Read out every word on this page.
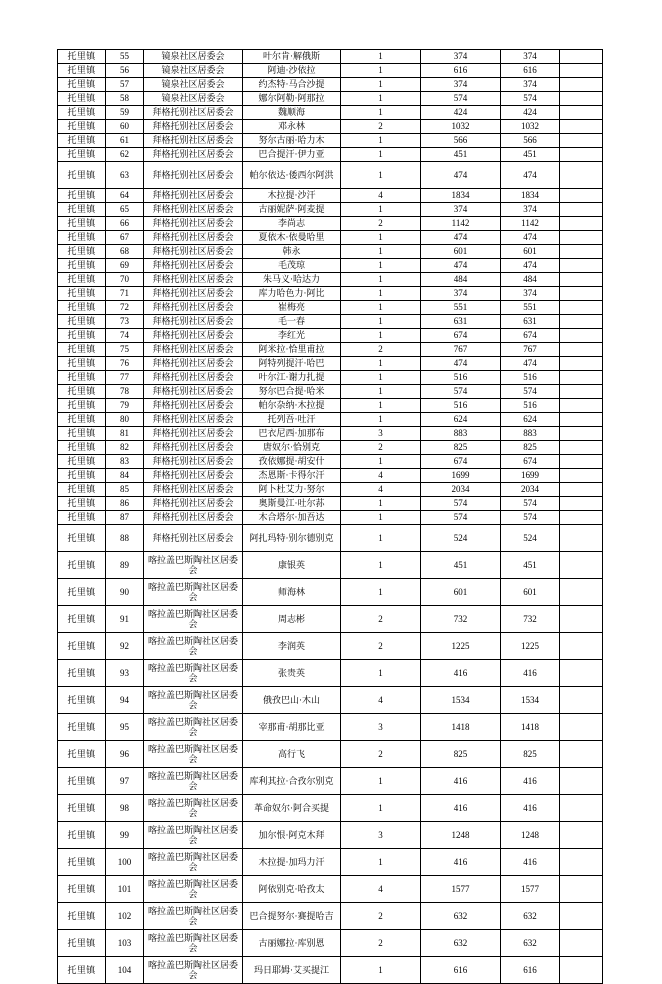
托里镇	55	镜泉社区居委会	叶尔肯·解俄斯	1	374	374	
托里镇	56	镜泉社区居委会	阿迪·沙依拉	1	616	616	
托里镇	57	镜泉社区居委会	约杰特·马合沙提	1	374	374	
托里镇	58	镜泉社区居委会	娜尔阿勒·阿那拉	1	574	574	
托里镇	59	拜格托别社区居委会	魏顺海	1	424	424	
托里镇	60	拜格托别社区居委会	邓永林	2	1032	1032	
托里镇	61	拜格托别社区居委会	努尔古丽·哈力木	1	566	566	
托里镇	62	拜格托别社区居委会	巴合提汗·伊力亚	1	451	451	
托里镇	63	拜格托别社区居委会	帕尔依达·倭西尔阿洪	1	474	474	
托里镇	64	拜格托别社区居委会	木拉提·沙汗	4	1834	1834	
托里镇	65	拜格托别社区居委会	古丽妮萨·阿麦提	1	374	374	
托里镇	66	拜格托别社区居委会	李尚志	2	1142	1142	
托里镇	67	拜格托别社区居委会	夏依木·依曼哈里	1	474	474	
托里镇	68	拜格托别社区居委会	韩永	1	601	601	
托里镇	69	拜格托别社区居委会	毛茂琼	1	474	474	
托里镇	70	拜格托别社区居委会	朱马义·哈达力	1	484	484	
托里镇	71	拜格托别社区居委会	库力哈色力·阿比	1	374	374	
托里镇	72	拜格托别社区居委会	崔梅亮	1	551	551	
托里镇	73	拜格托别社区居委会	毛一春	1	631	631	
托里镇	74	拜格托别社区居委会	李红光	1	674	674	
托里镇	75	拜格托别社区居委会	阿米拉·恰里甫拉	2	767	767	
托里镇	76	拜格托别社区居委会	阿特列提汗·哈巴	1	474	474	
托里镇	77	拜格托别社区居委会	叶尔江·谢力扎提	1	516	516	
托里镇	78	拜格托别社区居委会	努尔巴合提·哈米	1	574	574	
托里镇	79	拜格托别社区居委会	帕尔杂纳·木拉提	1	516	516	
托里镇	80	拜格托别社区居委会	托列吾·吐汗	1	624	624	
托里镇	81	拜格托别社区居委会	巴衣尼西·加那布	3	883	883	
托里镇	82	拜格托别社区居委会	唐奴尔·恰别克	2	825	825	
托里镇	83	拜格托别社区居委会	孜依娜提·胡安什	1	674	674	
托里镇	84	拜格托别社区居委会	杰恩斯·卡得尔汗	4	1699	1699	
托里镇	85	拜格托别社区居委会	阿卜杜艾力·努尔	4	2034	2034	
托里镇	86	拜格托别社区居委会	奥斯曼江·吐尔荪	1	574	574	
托里镇	87	拜格托别社区居委会	木合塔尔·加吾达	1	574	574	
托里镇	88	拜格托别社区居委会	阿扎玛特·别尔德别克	1	524	524	
托里镇	89	喀拉盖巴斯陶社区居委会	康银英	1	451	451	
托里镇	90	喀拉盖巴斯陶社区居委会	师海林	1	601	601	
托里镇	91	喀拉盖巴斯陶社区居委会	周志彬	2	732	732	
托里镇	92	喀拉盖巴斯陶社区居委会	李润英	2	1225	1225	
托里镇	93	喀拉盖巴斯陶社区居委会	张贵英	1	416	416	
托里镇	94	喀拉盖巴斯陶社区居委会	俄孜巴山·木山	4	1534	1534	
托里镇	95	喀拉盖巴斯陶社区居委会	宰那甫·胡那比亚	3	1418	1418	
托里镇	96	喀拉盖巴斯陶社区居委会	高行飞	2	825	825	
托里镇	97	喀拉盖巴斯陶社区居委会	库利其拉·合孜尔别克	1	416	416	
托里镇	98	喀拉盖巴斯陶社区居委会	革命奴尔·阿合买提	1	416	416	
托里镇	99	喀拉盖巴斯陶社区居委会	加尔恨·阿克木拜	3	1248	1248	
托里镇	100	喀拉盖巴斯陶社区居委会	木拉提·加玛力汗	1	416	416	
托里镇	101	喀拉盖巴斯陶社区居委会	阿依别克·哈孜太	4	1577	1577	
托里镇	102	喀拉盖巴斯陶社区居委会	巴合提努尔·赛提哈吉	2	632	632	
托里镇	103	喀拉盖巴斯陶社区居委会	古丽娜拉·库别恩	2	632	632	
托里镇	104	喀拉盖巴斯陶社区居委会	玛日耶姆·艾买提江	1	616	616	
